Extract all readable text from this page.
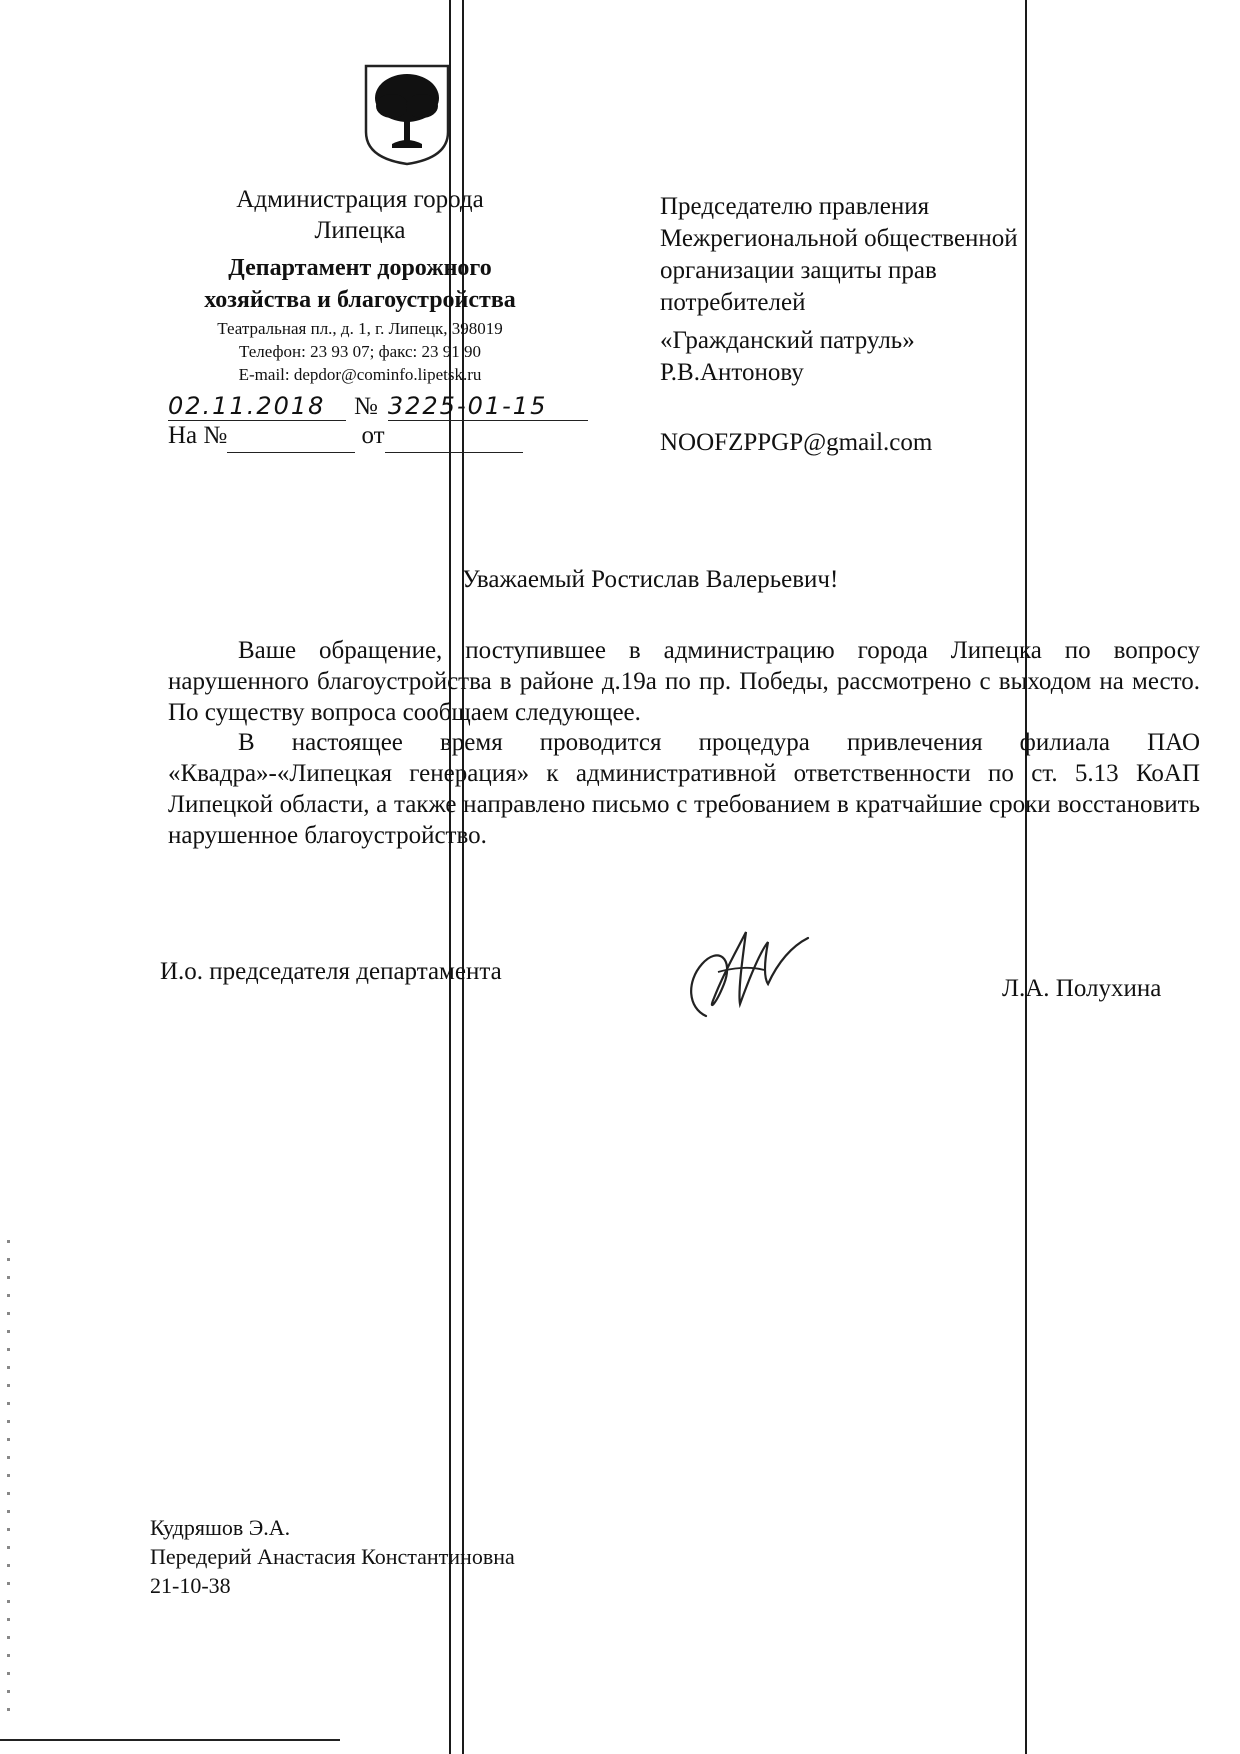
Администрация города
Липецка
Департамент дорожного
хозяйства и благоустройства
Театральная пл., д. 1, г. Липецк, 398019
Телефон: 23 93 07; факс: 23 91 90
E-mail: depdor@cominfo.lipetsk.ru
02.11.2018 № 3225-01-15
На №	от
Председателю правления
Межрегиональной общественной
организации защиты прав
потребителей
«Гражданский патруль»
Р.В.Антонову
NOOFZPPGP@gmail.com
Уважаемый Ростислав Валерьевич!
Ваше обращение, поступившее в администрацию города Липецка по вопросу нарушенного благоустройства в районе д.19а по пр. Победы, рассмотрено с выходом на место. По существу вопроса сообщаем следующее.
В настоящее время проводится процедура привлечения филиала ПАО «Квадра»-«Липецкая генерация» к административной ответственности по ст. 5.13 КоАП Липецкой области, а также направлено письмо с требованием в кратчайшие сроки восстановить нарушенное благоустройство.
И.о. председателя департамента
Л.А. Полухина
Кудряшов Э.А.
Передерий Анастасия Константиновна
21-10-38
